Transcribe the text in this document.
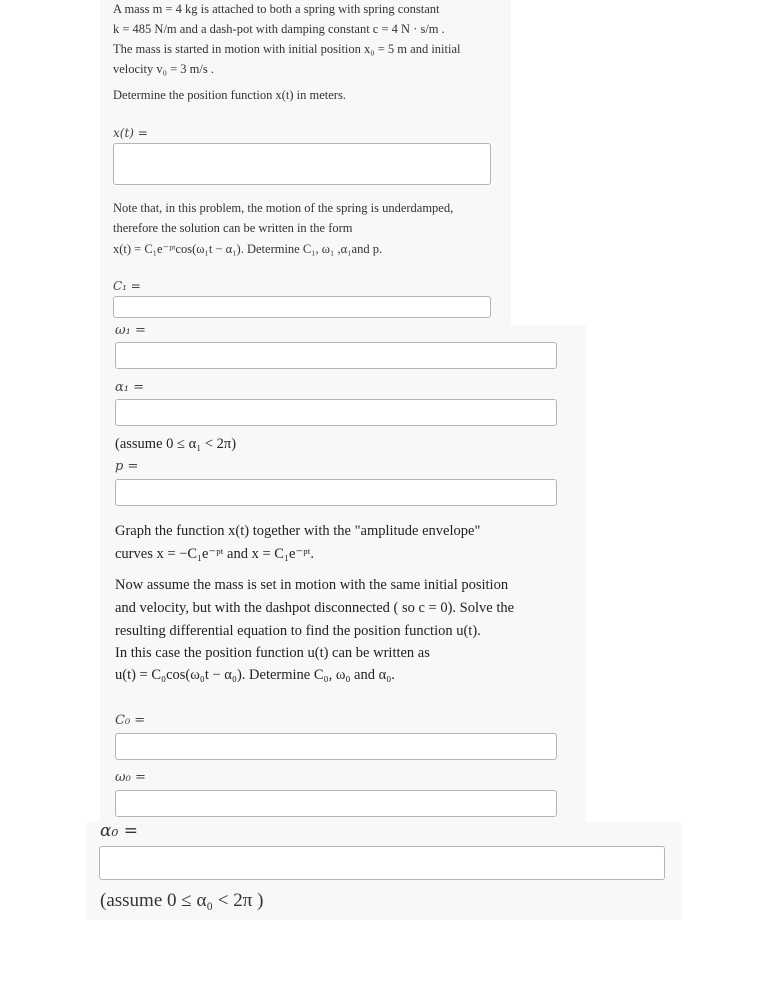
A mass m = 4 kg is attached to both a spring with spring constant
k = 485 N/m and a dash-pot with damping constant c = 4 N · s/m .
The mass is started in motion with initial position x₀ = 5 m and initial
velocity v₀ = 3 m/s .
Determine the position function x(t) in meters.
x(t) =
Note that, in this problem, the motion of the spring is underdamped,
therefore the solution can be written in the form
x(t) = C₁e⁻ᵖᵗcos(ω₁t − α₁). Determine C₁, ω₁ ,α₁and p.
C₁ =
ω₁ =
α₁ =
(assume 0 ≤ α₁ < 2π)
p =
Graph the function x(t) together with the "amplitude envelope"
curves x = −C₁e⁻ᵖᵗ and x = C₁e⁻ᵖᵗ.
Now assume the mass is set in motion with the same initial position
and velocity, but with the dashpot disconnected ( so c = 0). Solve the
resulting differential equation to find the position function u(t).
In this case the position function u(t) can be written as
u(t) = C₀cos(ω₀t − α₀). Determine C₀, ω₀ and α₀.
C₀ =
ω₀ =
α₀ =
(assume 0 ≤ α₀ < 2π )
